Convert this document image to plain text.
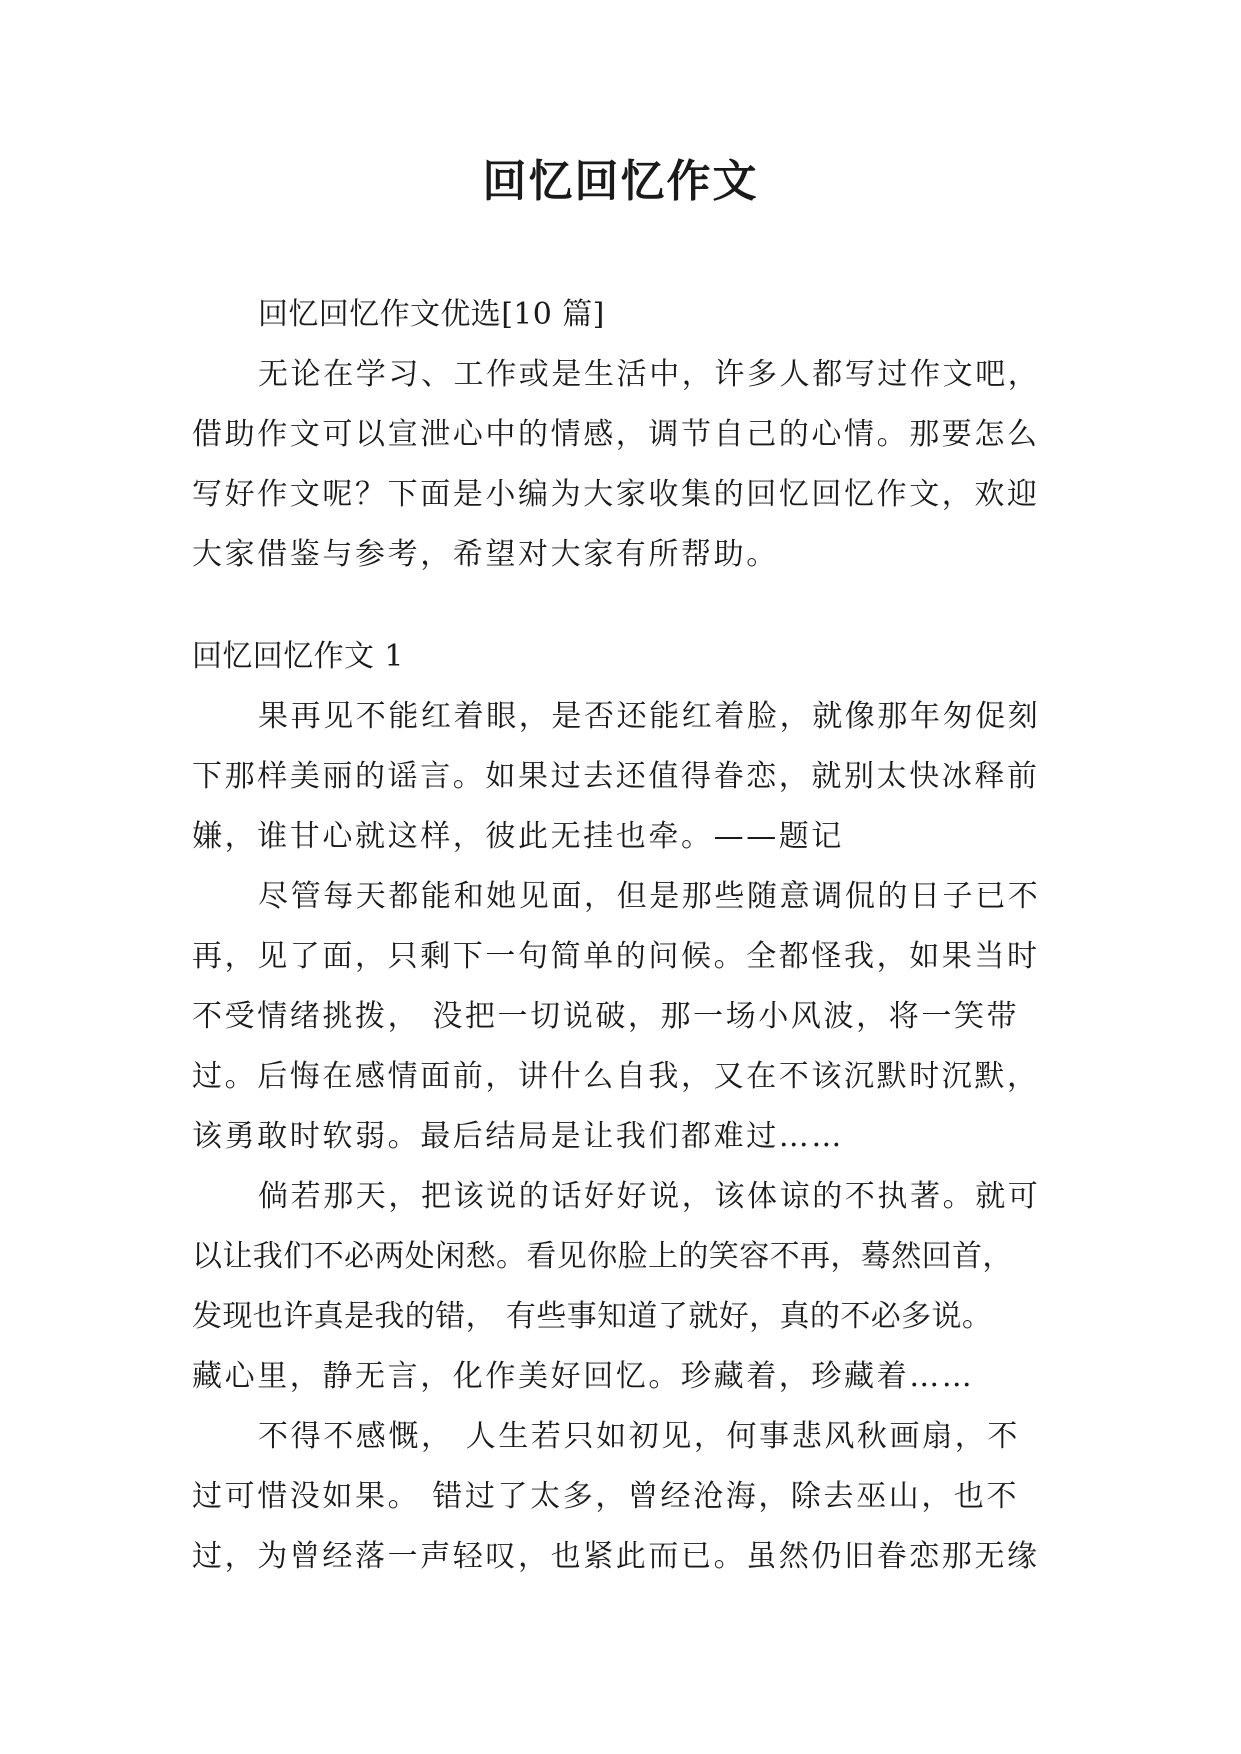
回忆回忆作文

回忆回忆作文优选[10 篇]

无论在学习、工作或是生活中，许多人都写过作文吧，

借助作文可以宣泄心中的情感，调节自己的心情。那要怎么

写好作文呢？下面是小编为大家收集的回忆回忆作文，欢迎

大家借鉴与参考，希望对大家有所帮助。

回忆回忆作文 1

果再见不能红着眼，是否还能红着脸，就像那年匆促刻

下那样美丽的谣言。如果过去还值得眷恋，就别太快冰释前

嫌，谁甘心就这样，彼此无挂也牵。——题记

尽管每天都能和她见面，但是那些随意调侃的日子已不

再，见了面，只剩下一句简单的问候。全都怪我，如果当时

不受情绪挑拨， 没把一切说破，那一场小风波，将一笑带

过。后悔在感情面前，讲什么自我，又在不该沉默时沉默，

该勇敢时软弱。最后结局是让我们都难过……

倘若那天，把该说的话好好说，该体谅的不执著。就可

以让我们不必两处闲愁。看见你脸上的笑容不再，蓦然回首，

发现也许真是我的错， 有些事知道了就好，真的不必多说。

藏心里，静无言，化作美好回忆。珍藏着，珍藏着……

不得不感慨， 人生若只如初见，何事悲风秋画扇，不

过可惜没如果。 错过了太多，曾经沧海，除去巫山，也不

过，为曾经落一声轻叹，也紧此而已。虽然仍旧眷恋那无缘
